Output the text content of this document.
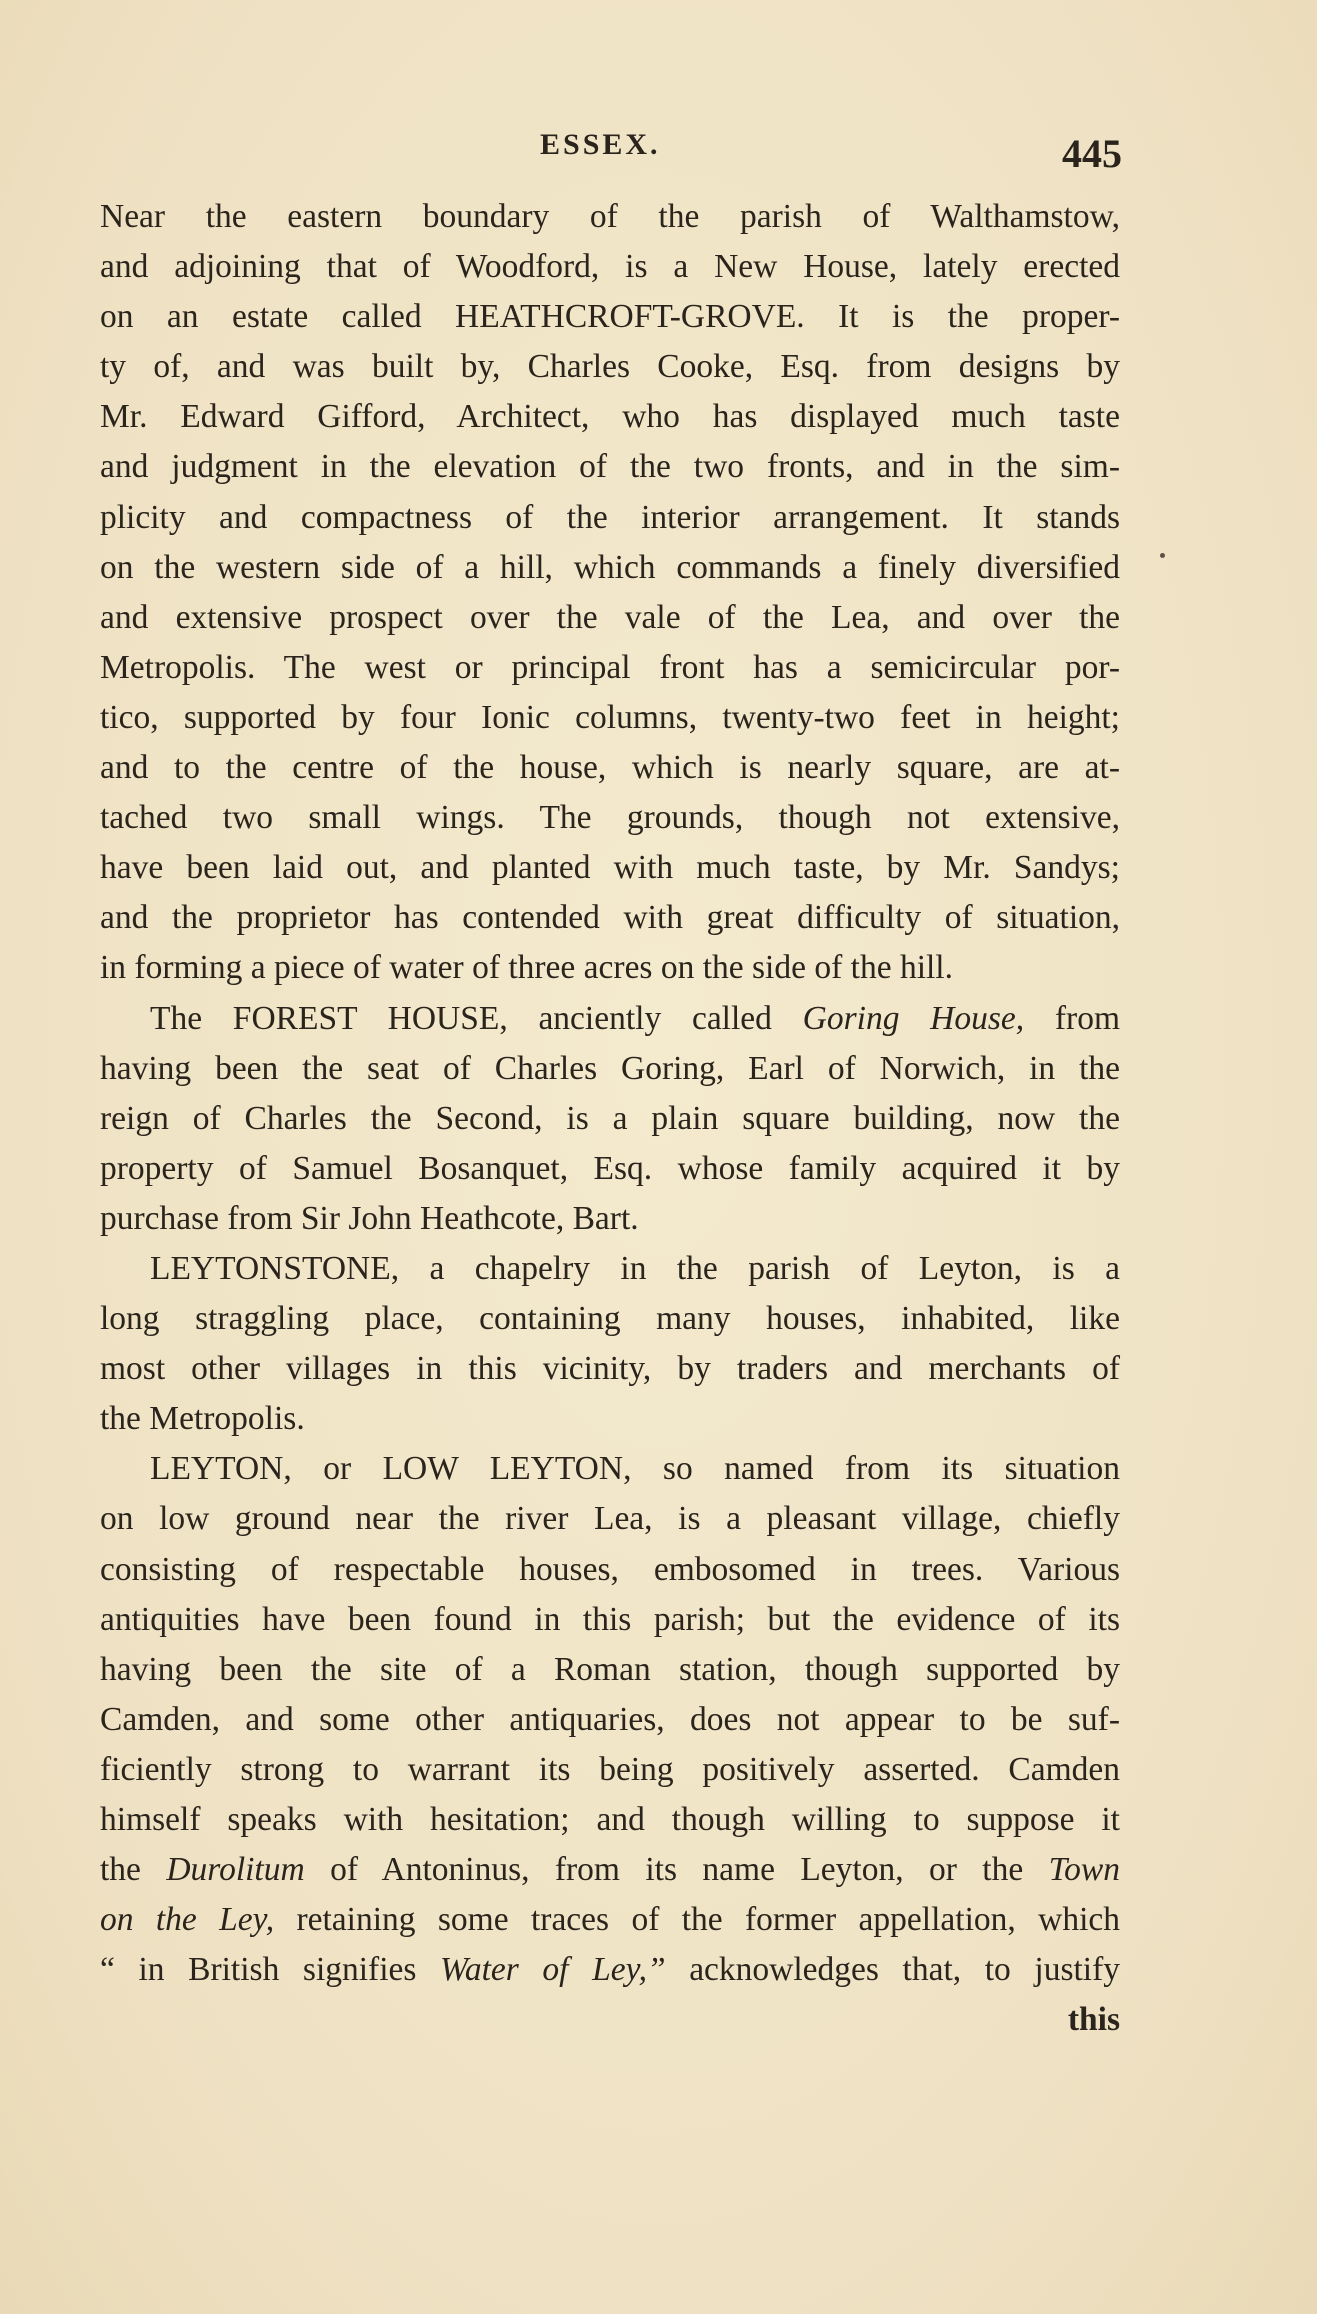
ESSEX.	445
Near the eastern boundary of the parish of Walthamstow,
and adjoining that of Woodford, is a New House, lately erected
on an estate called HEATHCROFT-GROVE. It is the proper-
ty of, and was built by, Charles Cooke, Esq. from designs by
Mr. Edward Gifford, Architect, who has displayed much taste
and judgment in the elevation of the two fronts, and in the sim-
plicity and compactness of the interior arrangement. It stands
on the western side of a hill, which commands a finely diversified
and extensive prospect over the vale of the Lea, and over the
Metropolis. The west or principal front has a semicircular por-
tico, supported by four Ionic columns, twenty-two feet in height;
and to the centre of the house, which is nearly square, are at-
tached two small wings. The grounds, though not extensive,
have been laid out, and planted with much taste, by Mr. Sandys;
and the proprietor has contended with great difficulty of situation,
in forming a piece of water of three acres on the side of the hill.
The FOREST HOUSE, anciently called Goring House, from
having been the seat of Charles Goring, Earl of Norwich, in the
reign of Charles the Second, is a plain square building, now the
property of Samuel Bosanquet, Esq. whose family acquired it by
purchase from Sir John Heathcote, Bart.
LEYTONSTONE, a chapelry in the parish of Leyton, is a
long straggling place, containing many houses, inhabited, like
most other villages in this vicinity, by traders and merchants of
the Metropolis.
LEYTON, or LOW LEYTON, so named from its situation
on low ground near the river Lea, is a pleasant village, chiefly
consisting of respectable houses, embosomed in trees. Various
antiquities have been found in this parish; but the evidence of its
having been the site of a Roman station, though supported by
Camden, and some other antiquaries, does not appear to be suf-
ficiently strong to warrant its being positively asserted. Camden
himself speaks with hesitation; and though willing to suppose it
the Durolitum of Antoninus, from its name Leyton, or the Town
on the Ley, retaining some traces of the former appellation, which
“ in British signifies Water of Ley,” acknowledges that, to justify
this
